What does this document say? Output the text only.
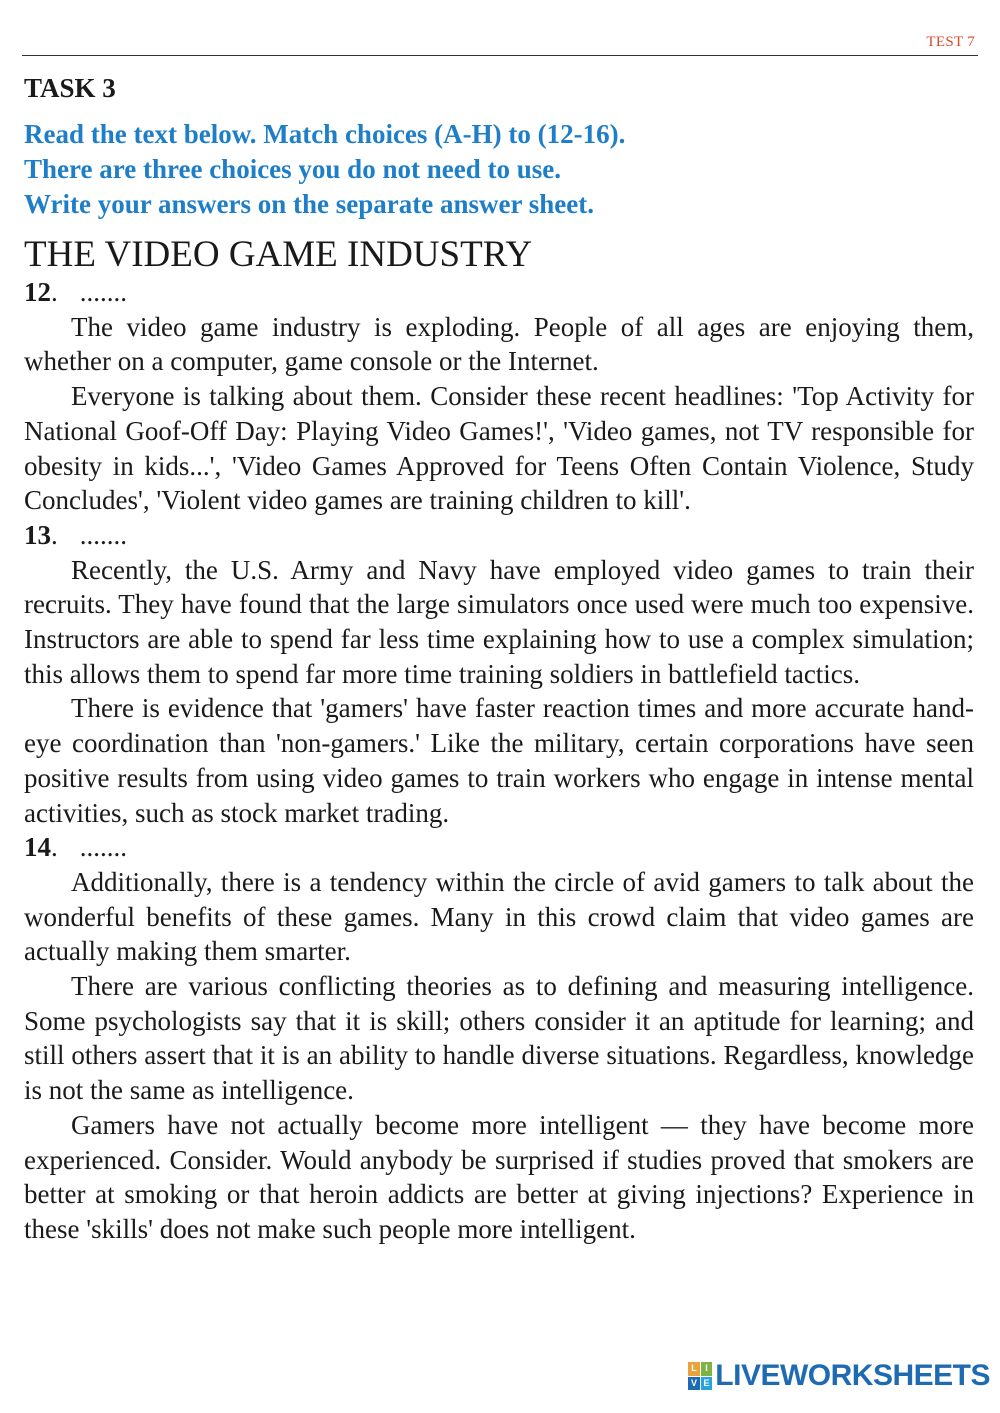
TEST 7
TASK 3
Read the text below. Match choices (A-H) to (12-16).
There are three choices you do not need to use.
Write your answers on the separate answer sheet.
THE VIDEO GAME INDUSTRY
12. .......

The video game industry is exploding. People of all ages are enjoying them, whether on a computer, game console or the Internet.

Everyone is talking about them. Consider these recent headlines: 'Top Activity for National Goof-Off Day: Playing Video Games!', 'Video games, not TV responsible for obesity in kids...', 'Video Games Approved for Teens Often Contain Violence, Study Concludes', 'Violent video games are training children to kill'.

13. .......

Recently, the U.S. Army and Navy have employed video games to train their recruits. They have found that the large simulators once used were much too expensive. Instructors are able to spend far less time explaining how to use a complex simulation; this allows them to spend far more time training soldiers in battlefield tactics.

There is evidence that 'gamers' have faster reaction times and more accurate hand-eye coordination than 'non-gamers.' Like the military, certain corporations have seen positive results from using video games to train workers who engage in intense mental activities, such as stock market trading.

14. .......

Additionally, there is a tendency within the circle of avid gamers to talk about the wonderful benefits of these games. Many in this crowd claim that video games are actually making them smarter.

There are various conflicting theories as to defining and measuring intelligence. Some psychologists say that it is skill; others consider it an aptitude for learning; and still others assert that it is an ability to handle diverse situations. Regardless, knowledge is not the same as intelligence.

Gamers have not actually become more intelligent — they have become more experienced. Consider. Would anybody be surprised if studies proved that smokers are better at smoking or that heroin addicts are better at giving injections? Experience in these 'skills' does not make such people more intelligent.

L I
V E LIVEWORKSHEETS
